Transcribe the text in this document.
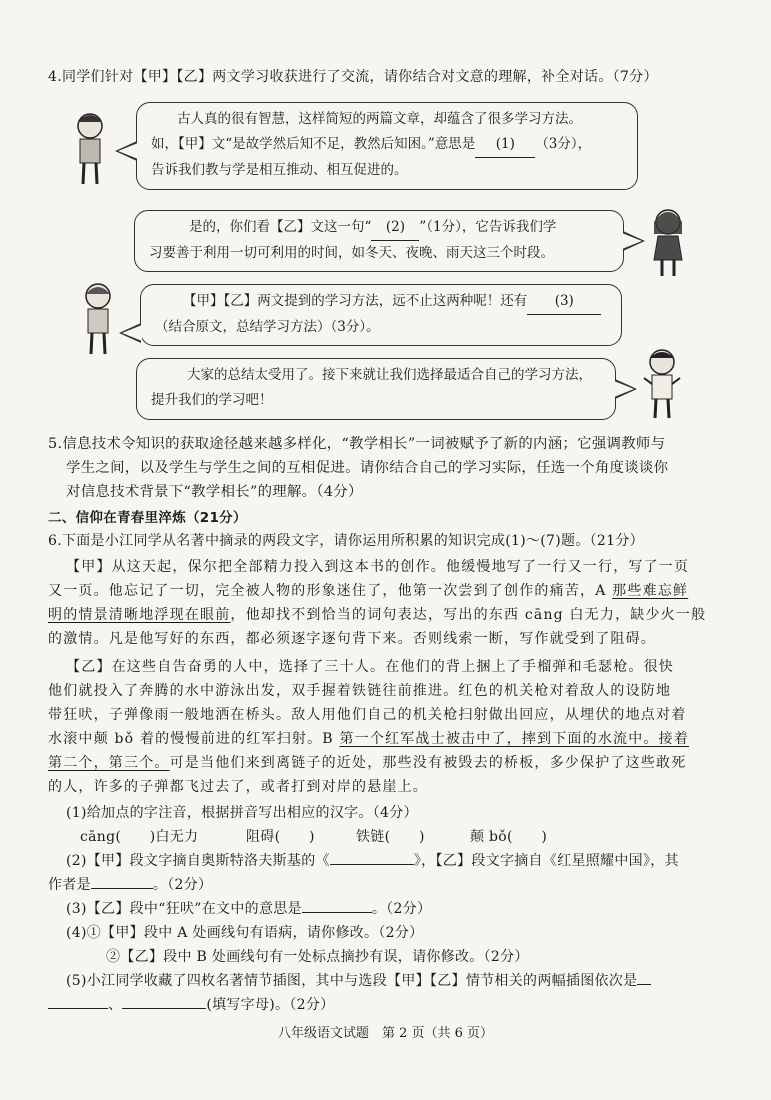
4.同学们针对【甲】【乙】两文学习收获进行了交流，请你结合对文意的理解，补全对话。（7分）
古人真的很有智慧，这样简短的两篇文章，却蕴含了很多学习方法。
如，【甲】文“是故学然后知不足，教然后知困。”意思是 (1) （3分），
告诉我们教与学是相互推动、相互促进的。
是的，你们看【乙】文这一句“ (2) ”（1分），它告诉我们学
习要善于利用一切可利用的时间，如冬天、夜晚、雨天这三个时段。
【甲】【乙】两文提到的学习方法，远不止这两种呢！还有 (3)
（结合原文，总结学习方法）（3分）。
大家的总结太受用了。接下来就让我们选择最适合自己的学习方法，
提升我们的学习吧！
5.信息技术令知识的获取途径越来越多样化，“教学相长”一词被赋予了新的内涵；它强调教师与
学生之间，以及学生与学生之间的互相促进。请你结合自己的学习实际，任选一个角度谈谈你
对信息技术背景下“教学相长”的理解。（4分）
二、信仰在青春里淬炼（21分）
6.下面是小江同学从名著中摘录的两段文字，请你运用所积累的知识完成(1)～(7)题。（21分）
【甲】从这天起，保尔把全部精力投入到这本书的创作。他缓慢地写了一行又一行，写了一页
又一页。他忘记了一切，完全被人物的形象迷住了，他第一次尝到了创作的痛苦，A 那些难忘鲜
明的情景清晰地浮现在眼前，他却找不到恰当的词句表达，写出的东西 cāng 白无力，缺少火一般
的激情。凡是他写好的东西，都必须逐字逐句背下来。否则线索一断，写作就受到了阻碍。
【乙】在这些自告奋勇的人中，选择了三十人。在他们的背上捆上了手榴弹和毛瑟枪。很快
他们就投入了奔腾的水中游泳出发，双手握着铁链往前推进。红色的机关枪对着敌人的设防地
带狂吠，子弹像雨一般地洒在桥头。敌人用他们自己的机关枪扫射做出回应，从埋伏的地点对着
水滚中颠 bǒ 着的慢慢前进的红军扫射。B 第一个红军战士被击中了，摔到下面的水流中。接着
第二个，第三个。可是当他们来到离链子的近处，那些没有被毁去的桥板，多少保护了这些敢死
的人，许多的子弹都飞过去了，或者打到对岸的悬崖上。
(1)给加点的字注音，根据拼音写出相应的汉字。（4分）
cāng(　　)白无力	阻碍(　　)	铁链(　　)	颠 bǒ(　　)
(2)【甲】段文字摘自奥斯特洛夫斯基的《	》，【乙】段文字摘自《红星照耀中国》，其
作者是	。（2分）
(3)【乙】段中“狂吠”在文中的意思是	。（2分）
(4)①【甲】段中 A 处画线句有语病，请你修改。（2分）
②【乙】段中 B 处画线句有一处标点摘抄有误，请你修改。（2分）
(5)小江同学收藏了四枚名著情节插图，其中与选段【甲】【乙】情节相关的两幅插图依次是
、	(填写字母)。（2分）
八年级语文试题　第 2 页（共 6 页）
